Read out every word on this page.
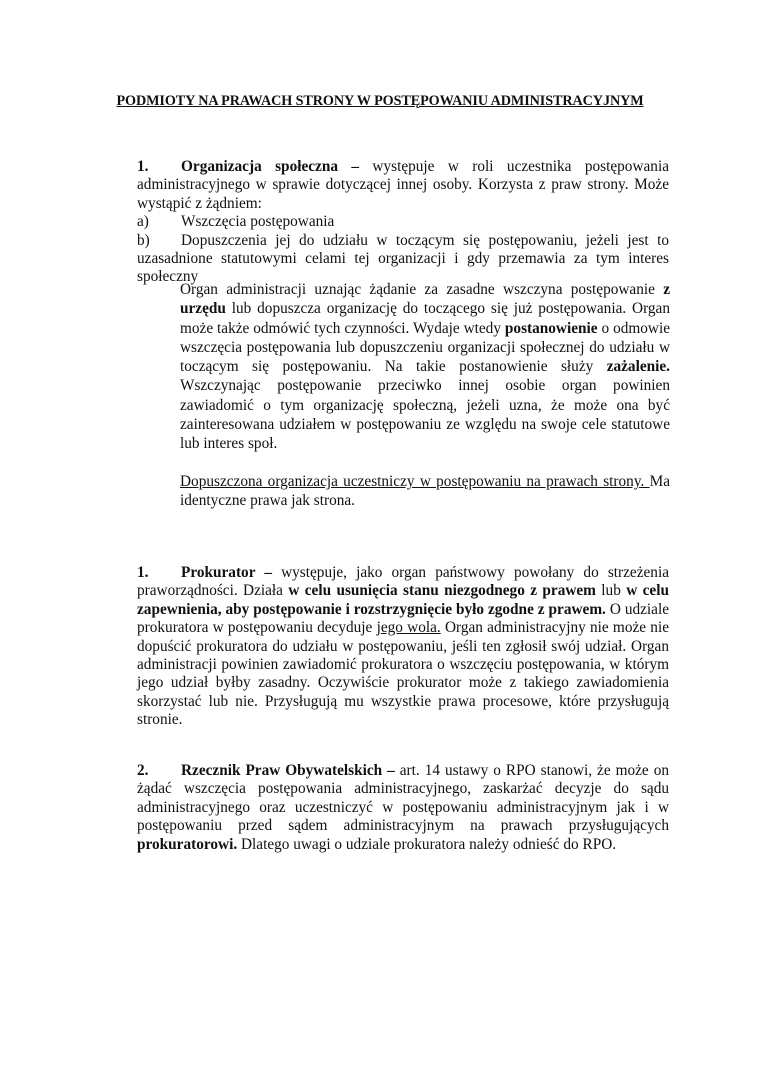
PODMIOTY NA PRAWACH STRONY W POSTĘPOWANIU ADMINISTRACYJNYM

1. Organizacja społeczna – występuje w roli uczestnika postępowania administracyjnego w sprawie dotyczącej innej osoby. Korzysta z praw strony. Może wystąpić z żądniem:

a) Wszczęcia postępowania

b) Dopuszczenia jej do udziału w toczącym się postępowaniu, jeżeli jest to uzasadnione statutowymi celami tej organizacji i gdy przemawia za tym interes społeczny

Organ administracji uznając żądanie za zasadne wszczyna postępowanie z urzędu lub dopuszcza organizację do toczącego się już postępowania. Organ może także odmówić tych czynności. Wydaje wtedy postanowienie o odmowie wszczęcia postępowania lub dopuszczeniu organizacji społecznej do udziału w toczącym się postępowaniu. Na takie postanowienie służy zażalenie. Wszczynając postępowanie przeciwko innej osobie organ powinien zawiadomić o tym organizację społeczną, jeżeli uzna, że może ona być zainteresowana udziałem w postępowaniu ze względu na swoje cele statutowe lub interes społ.

Dopuszczona organizacja uczestniczy w postępowaniu na prawach strony. Ma identyczne prawa jak strona.

1. Prokurator – występuje, jako organ państwowy powołany do strzeżenia praworządności. Działa w celu usunięcia stanu niezgodnego z prawem lub w celu zapewnienia, aby postępowanie i rozstrzygnięcie było zgodne z prawem. O udziale prokuratora w postępowaniu decyduje jego wola. Organ administracyjny nie może nie dopuścić prokuratora do udziału w postępowaniu, jeśli ten zgłosił swój udział. Organ administracji powinien zawiadomić prokuratora o wszczęciu postępowania, w którym jego udział byłby zasadny. Oczywiście prokurator może z takiego zawiadomienia skorzystać lub nie. Przysługują mu wszystkie prawa procesowe, które przysługują stronie.

2. Rzecznik Praw Obywatelskich – art. 14 ustawy o RPO stanowi, że może on żądać wszczęcia postępowania administracyjnego, zaskarżać decyzje do sądu administracyjnego oraz uczestniczyć w postępowaniu administracyjnym jak i w postępowaniu przed sądem administracyjnym na prawach przysługujących prokuratorowi. Dlatego uwagi o udziale prokuratora należy odnieść do RPO.
